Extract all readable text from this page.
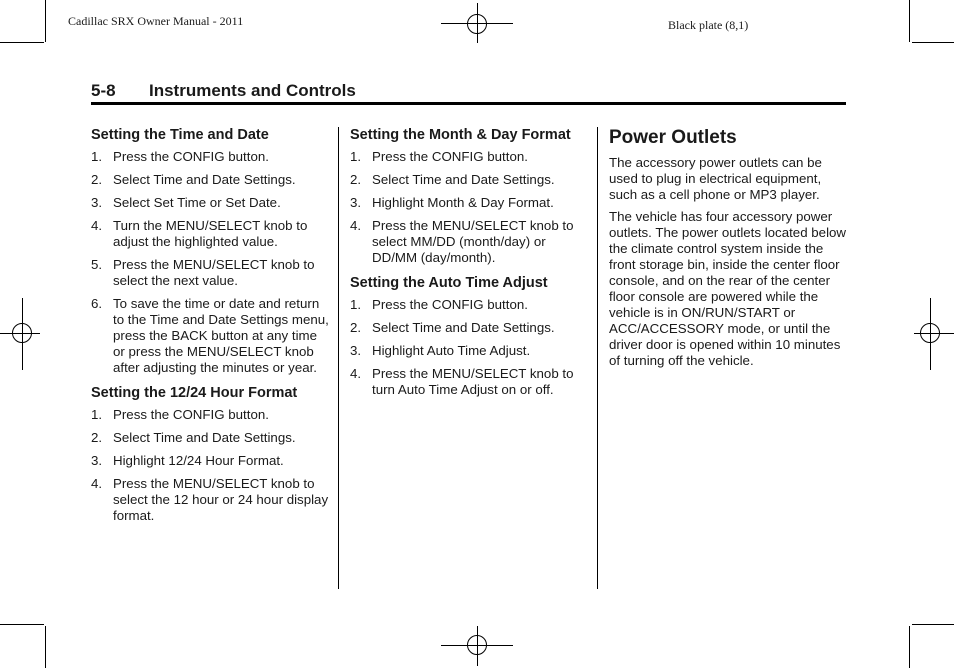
Cadillac SRX Owner Manual - 2011	Black plate (8,1)
5-8 Instruments and Controls
Setting the Time and Date
1. Press the CONFIG button.
2. Select Time and Date Settings.
3. Select Set Time or Set Date.
4. Turn the MENU/SELECT knob to adjust the highlighted value.
5. Press the MENU/SELECT knob to select the next value.
6. To save the time or date and return to the Time and Date Settings menu, press the BACK button at any time or press the MENU/SELECT knob after adjusting the minutes or year.
Setting the 12/24 Hour Format
1. Press the CONFIG button.
2. Select Time and Date Settings.
3. Highlight 12/24 Hour Format.
4. Press the MENU/SELECT knob to select the 12 hour or 24 hour display format.
Setting the Month & Day Format
1. Press the CONFIG button.
2. Select Time and Date Settings.
3. Highlight Month & Day Format.
4. Press the MENU/SELECT knob to select MM/DD (month/day) or DD/MM (day/month).
Setting the Auto Time Adjust
1. Press the CONFIG button.
2. Select Time and Date Settings.
3. Highlight Auto Time Adjust.
4. Press the MENU/SELECT knob to turn Auto Time Adjust on or off.
Power Outlets

The accessory power outlets can be used to plug in electrical equipment, such as a cell phone or MP3 player.

The vehicle has four accessory power outlets. The power outlets located below the climate control system inside the front storage bin, inside the center floor console, and on the rear of the center floor console are powered while the vehicle is in ON/RUN/START or ACC/ACCESSORY mode, or until the driver door is opened within 10 minutes of turning off the vehicle.
